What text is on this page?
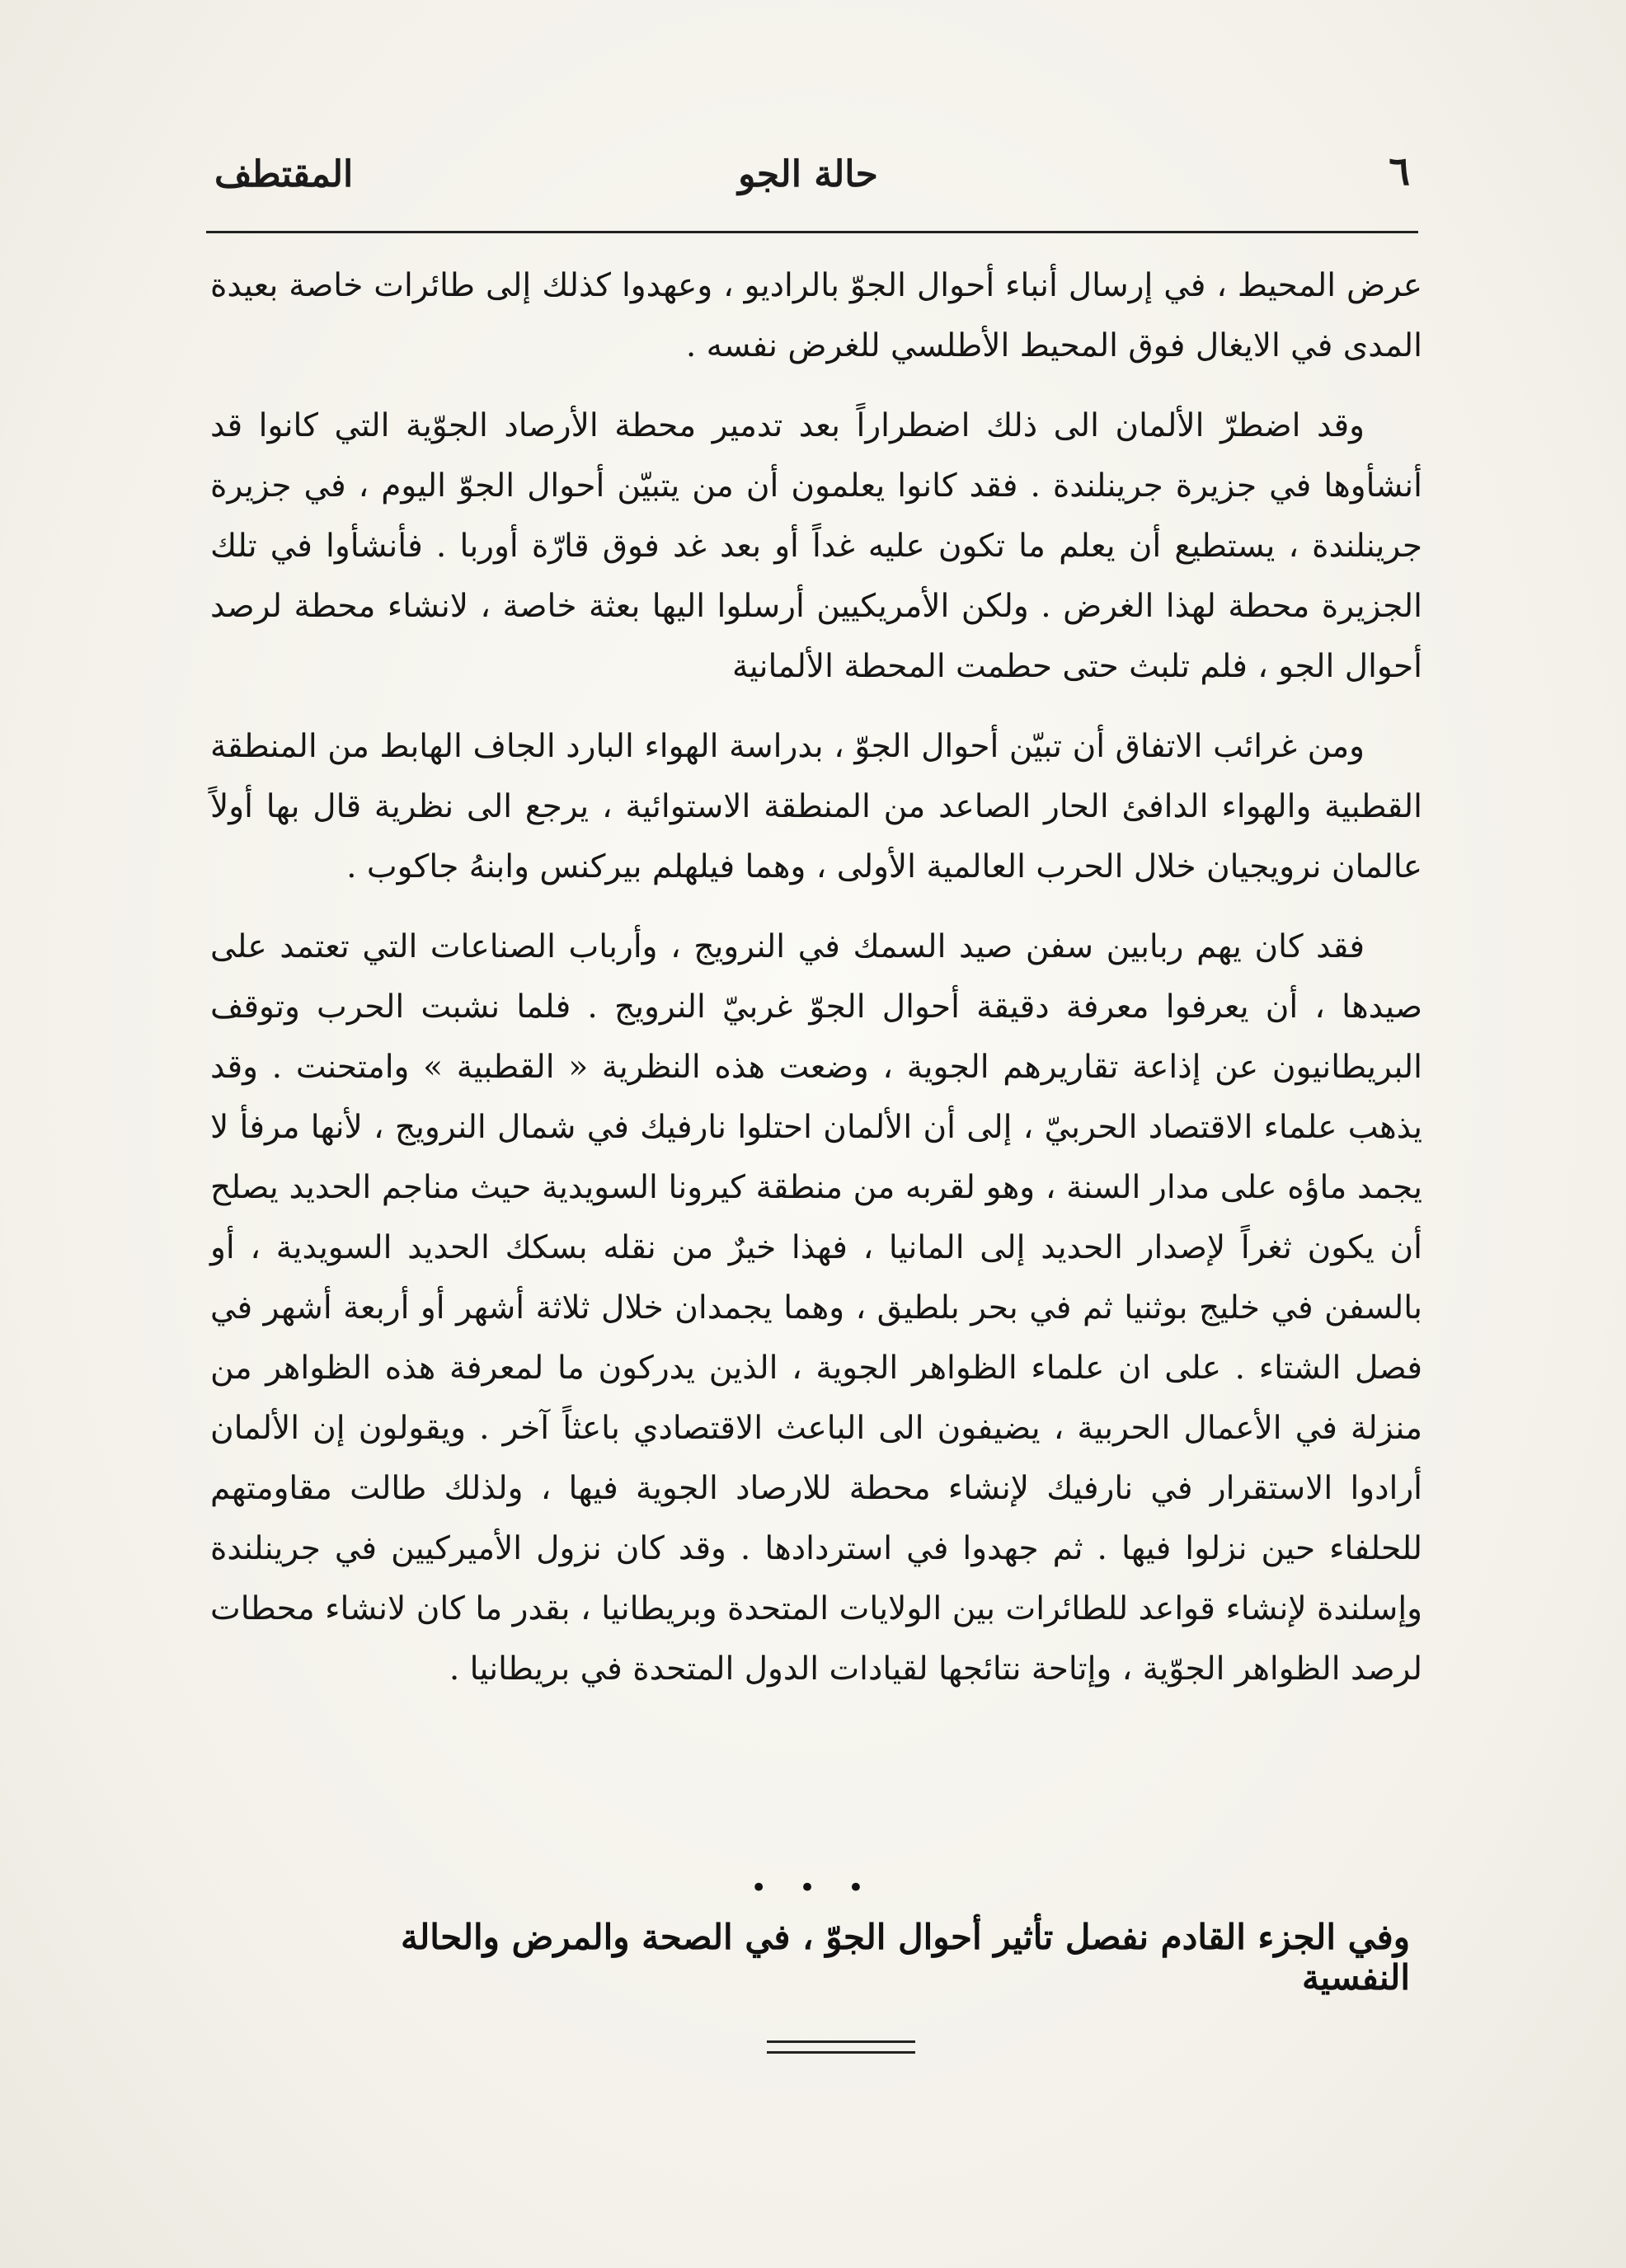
٦
حالة الجو
المقتطف

عرض المحيط ، في إرسال أنباء أحوال الجوّ بالراديو ، وعهدوا كذلك إلى طائرات خاصة بعيدة المدى في الايغال فوق المحيط الأطلسي للغرض نفسه .

وقد اضطرّ الألمان الى ذلك اضطراراً بعد تدمير محطة الأرصاد الجوّية التي كانوا قد أنشأوها في جزيرة جرينلندة . فقد كانوا يعلمون أن من يتبيّن أحوال الجوّ اليوم ، في جزيرة جرينلندة ، يستطيع أن يعلم ما تكون عليه غداً أو بعد غد فوق قارّة أوربا . فأنشأوا في تلك الجزيرة محطة لهذا الغرض . ولكن الأمريكيين أرسلوا اليها بعثة خاصة ، لانشاء محطة لرصد أحوال الجو ، فلم تلبث حتى حطمت المحطة الألمانية

ومن غرائب الاتفاق أن تبيّن أحوال الجوّ ، بدراسة الهواء البارد الجاف الهابط من المنطقة القطبية والهواء الدافئ الحار الصاعد من المنطقة الاستوائية ، يرجع الى نظرية قال بها أولاً عالمان نرويجيان خلال الحرب العالمية الأولى ، وهما فيلهلم بيركنس وابنهُ جاكوب .

فقد كان يهم ربابين سفن صيد السمك في النرويج ، وأرباب الصناعات التي تعتمد على صيدها ، أن يعرفوا معرفة دقيقة أحوال الجوّ غربيّ النرويج . فلما نشبت الحرب وتوقف البريطانيون عن إذاعة تقاريرهم الجوية ، وضعت هذه النظرية « القطبية » وامتحنت . وقد يذهب علماء الاقتصاد الحربيّ ، إلى أن الألمان احتلوا نارفيك في شمال النرويج ، لأنها مرفأ لا يجمد ماؤه على مدار السنة ، وهو لقربه من منطقة كيرونا السويدية حيث مناجم الحديد يصلح أن يكون ثغراً لإصدار الحديد إلى المانيا ، فهذا خيرٌ من نقله بسكك الحديد السويدية ، أو بالسفن في خليج بوثنيا ثم في بحر بلطيق ، وهما يجمدان خلال ثلاثة أشهر أو أربعة أشهر في فصل الشتاء . على ان علماء الظواهر الجوية ، الذين يدركون ما لمعرفة هذه الظواهر من منزلة في الأعمال الحربية ، يضيفون الى الباعث الاقتصادي باعثاً آخر . ويقولون إن الألمان أرادوا الاستقرار في نارفيك لإنشاء محطة للارصاد الجوية فيها ، ولذلك طالت مقاومتهم للحلفاء حين نزلوا فيها . ثم جهدوا في استردادها . وقد كان نزول الأميركيين في جرينلندة وإسلندة لإنشاء قواعد للطائرات بين الولايات المتحدة وبريطانيا ، بقدر ما كان لانشاء محطات لرصد الظواهر الجوّية ، وإتاحة نتائجها لقيادات الدول المتحدة في بريطانيا .

• • •
وفي الجزء القادم نفصل تأثير أحوال الجوّ ، في الصحة والمرض والحالة النفسية
